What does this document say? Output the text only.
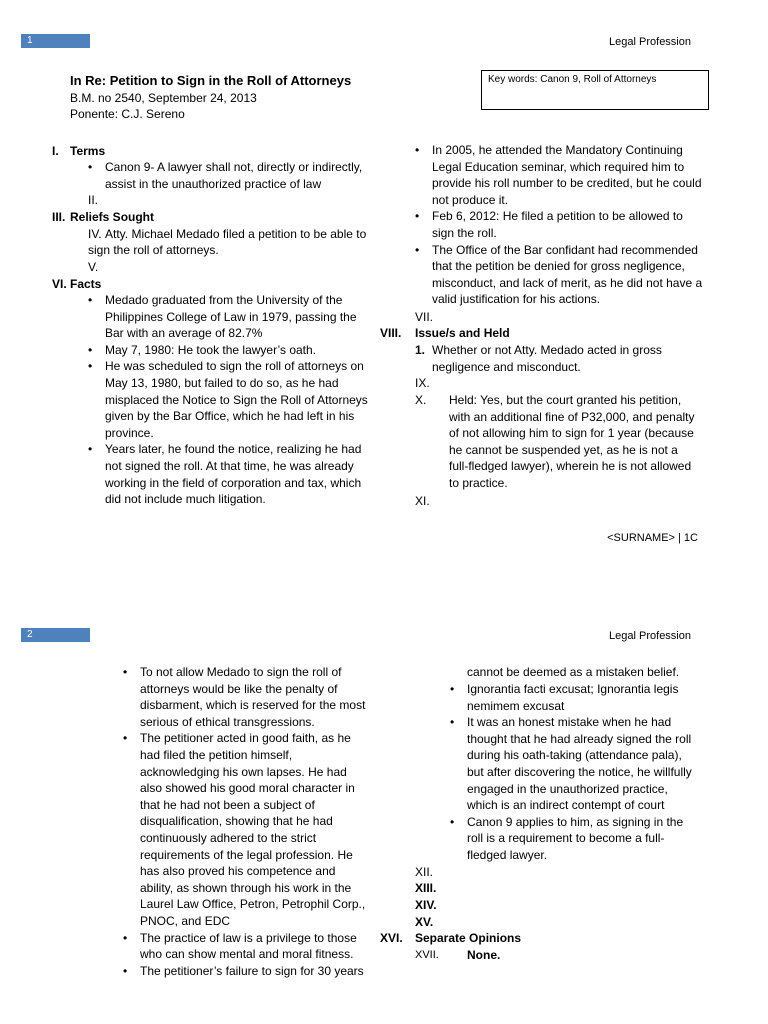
1	Legal Profession
In Re: Petition to Sign in the Roll of Attorneys
B.M. no 2540, September 24, 2013
Ponente: C.J. Sereno
Key words: Canon 9, Roll of Attorneys
I. Terms
• Canon 9- A lawyer shall not, directly or indirectly, assist in the unauthorized practice of law
II.
III. Reliefs Sought
IV. Atty. Michael Medado filed a petition to be able to
sign the roll of attorneys.
V.
VI. Facts
• Medado graduated from the University of the Philippines College of Law in 1979, passing the Bar with an average of 82.7%
• May 7, 1980: He took the lawyer’s oath.
• He was scheduled to sign the roll of attorneys on May 13, 1980, but failed to do so, as he had misplaced the Notice to Sign the Roll of Attorneys given by the Bar Office, which he had left in his province.
• Years later, he found the notice, realizing he had not signed the roll. At that time, he was already working in the field of corporation and tax, which did not include much litigation.
• In 2005, he attended the Mandatory Continuing Legal Education seminar, which required him to provide his roll number to be credited, but he could not produce it.
• Feb 6, 2012: He filed a petition to be allowed to sign the roll.
• The Office of the Bar confidant had recommended that the petition be denied for gross negligence, misconduct, and lack of merit, as he did not have a valid justification for his actions.
VII.
VIII. Issue/s and Held
1. Whether or not Atty. Medado acted in gross
negligence and misconduct.
IX.
X. Held: Yes, but the court granted his petition, with an additional fine of P32,000, and penalty of not allowing him to sign for 1 year (because he cannot be suspended yet, as he is not a full-fledged lawyer), wherein he is not allowed to practice.
XI.
<SURNAME> | 1C
2	Legal Profession
• To not allow Medado to sign the roll of attorneys would be like the penalty of disbarment, which is reserved for the most serious of ethical transgressions.
• The petitioner acted in good faith, as he had filed the petition himself, acknowledging his own lapses. He had also showed his good moral character in that he had not been a subject of disqualification, showing that he had continuously adhered to the strict requirements of the legal profession. He has also proved his competence and ability, as shown through his work in the Laurel Law Office, Petron, Petrophil Corp., PNOC, and EDC
• The practice of law is a privilege to those who can show mental and moral fitness.
• The petitioner’s failure to sign for 30 years
cannot be deemed as a mistaken belief.
• Ignorantia facti excusat; Ignorantia legis nemimem excusat
• It was an honest mistake when he had thought that he had already signed the roll during his oath-taking (attendance pala), but after discovering the notice, he willfully engaged in the unauthorized practice, which is an indirect contempt of court
• Canon 9 applies to him, as signing in the roll is a requirement to become a full-fledged lawyer.
XII.
XIII.
XIV.
XV.
XVI. Separate Opinions
XVII. None.
